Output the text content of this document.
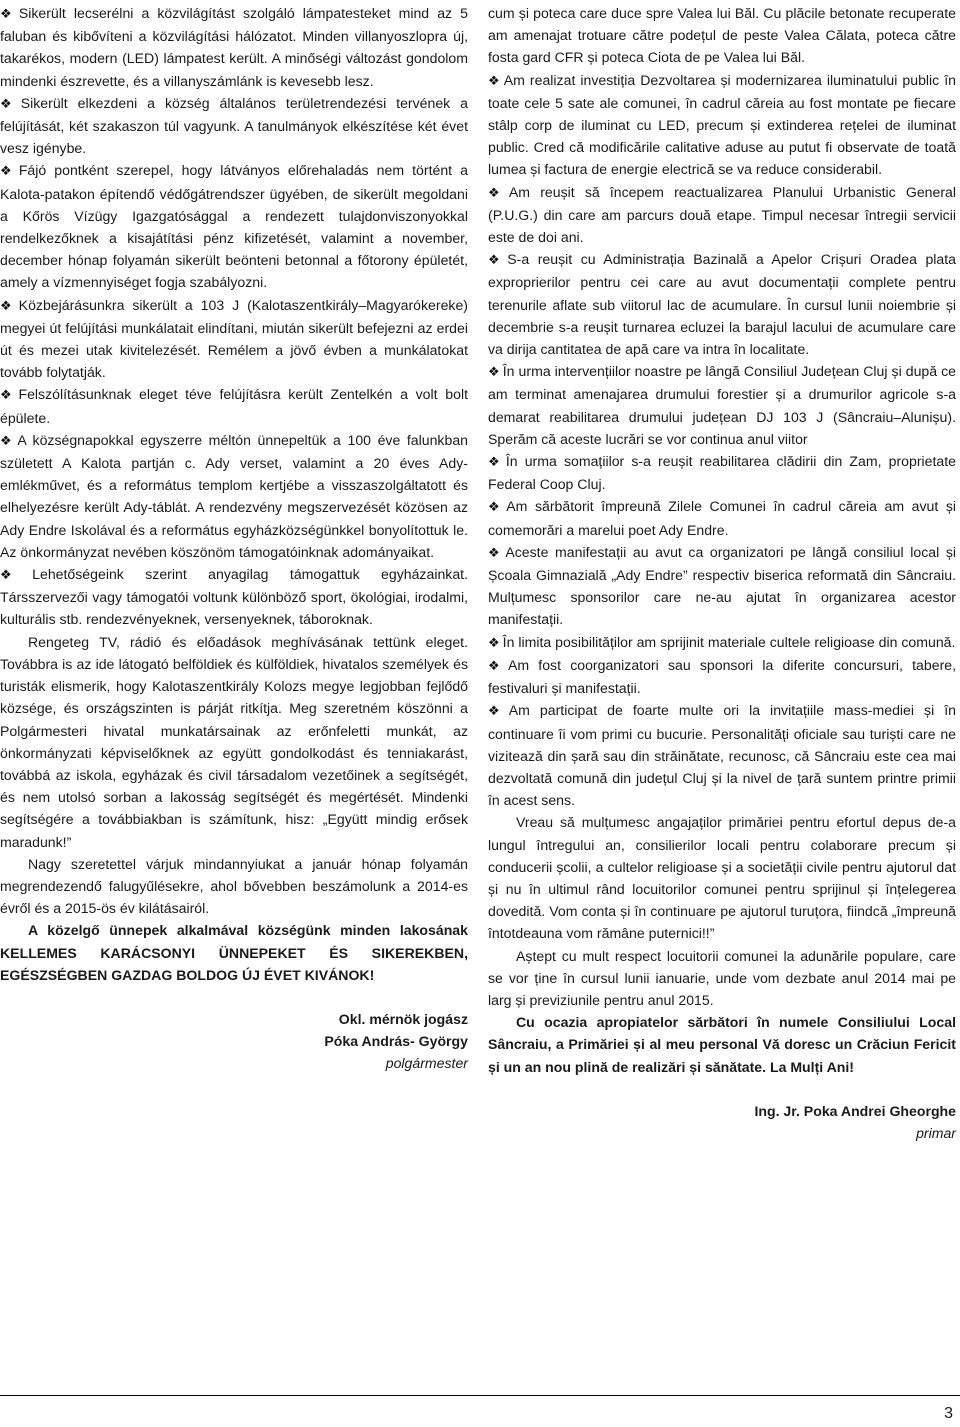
❖ Sikerült lecserélni a közvilágítást szolgáló lámpatesteket mind az 5 faluban és kibővíteni a közvilágítási hálózatot. Minden villanyoszlopra új, takarékos, modern (LED) lámpatest került. A minőségi változást gondolom mindenki észrevette, és a villanyszámlánk is kevesebb lesz.

❖ Sikerült elkezdeni a község általános területrendezési tervének a felújítását, két szakaszon túl vagyunk. A tanulmányok elkészítése két évet vesz igénybe.

❖ Fájó pontként szerepel, hogy látványos előrehaladás nem történt a Kalota-patakon építendő védőgátrendszer ügyében, de sikerült megoldani a Kőrös Vízügy Igazgatósággal a rendezett tulajdonviszonyokkal rendelkezőknek a kisajátítási pénz kifizetését, valamint a november, december hónap folyamán sikerült beönteni betonnal a főtorony épületét, amely a vízmennyiséget fogja szabályozni.

❖ Közbejárásunkra sikerült a 103 J (Kalotaszentkirály–Magyarókereke) megyei út felújítási munkálatait elindítani, miután sikerült befejezni az erdei út és mezei utak kivitelezését. Remélem a jövő évben a munkálatokat tovább folytatják.

❖ Felszólításunknak eleget téve felújításra került Zentelkén a volt bolt épülete.

❖ A községnapokkal egyszerre méltón ünnepeltük a 100 éve falunkban született A Kalota partján c. Ady verset, valamint a 20 éves Ady-emlékművet, és a református templom kertjébe a visszaszolgáltatott és elhelyezésre került Ady-táblát. A rendezvény megszervezését közösen az Ady Endre Iskolával és a református egyházközségünkkel bonyolítottuk le. Az önkormányzat nevében köszönöm támogatóinknak adományaikat.

❖ Lehetőségeink szerint anyagilag támogattuk egyházainkat. Társszervezői vagy támogatói voltunk különböző sport, ökológiai, irodalmi, kulturális stb. rendezvényeknek, versenyeknek, táboroknak.

Rengeteg TV, rádió és előadások meghívásának tettünk eleget. Továbbra is az ide látogató belföldiek és külföldiek, hivatalos személyek és turisták elismerik, hogy Kalotaszentkirály Kolozs megye legjobban fejlődő községe, és országszinten is párját ritkítja. Meg szeretném köszönni a Polgármesteri hivatal munkatársainak az erőnfeletti munkát, az önkormányzati képviselőknek az együtt gondolkodást és tenniakarást, továbbá az iskola, egyházak és civil társadalom vezetőinek a segítségét, és nem utolsó sorban a lakosság segítségét és megértését. Mindenki segítségére a továbbiakban is számítunk, hisz: „Együtt mindig erősek maradunk!”

Nagy szeretettel várjuk mindannyiukat a január hónap folyamán megrendezendő falugyűlésekre, ahol bővebben beszámolunk a 2014-es évről és a 2015-ös év kilátásairól.

A közelgő ünnepek alkalmával községünk minden lakosának KELLEMES KARÁCSONYI ÜNNEPEKET ÉS SIKEREKBEN, EGÉSZSÉGBEN GAZDAG BOLDOG ÚJ ÉVET KIVÁNOK!

Okl. mérnök jogász

Póka András- György

polgármester

cum și poteca care duce spre Valea lui Băl. Cu plăcile betonate recuperate am amenajat trotuare către podețul de peste Valea Călata, poteca către fosta gard CFR și poteca Ciota de pe Valea lui Băl.

❖ Am realizat investiția Dezvoltarea și modernizarea iluminatului public în toate cele 5 sate ale comunei, în cadrul căreia au fost montate pe fiecare stâlp corp de iluminat cu LED, precum și extinderea rețelei de iluminat public. Cred că modificările calitative aduse au putut fi observate de toată lumea și factura de energie electrică se va reduce considerabil.

❖ Am reușit să începem reactualizarea Planului Urbanistic General (P.U.G.) din care am parcurs două etape. Timpul necesar întregii servicii este de doi ani.

❖ S-a reușit cu Administrația Bazinală a Apelor Crișuri Oradea plata exproprierilor pentru cei care au avut documentații complete pentru terenurile aflate sub viitorul lac de acumulare. În cursul lunii noiembrie și decembrie s-a reușit turnarea ecluzei la barajul lacului de acumulare care va dirija cantitatea de apă care va intra în localitate.

❖ În urma intervențiilor noastre pe lângă Consiliul Județean Cluj și după ce am terminat amenajarea drumului forestier și a drumurilor agricole s-a demarat reabilitarea drumului județean DJ 103 J (Sâncraiu–Alunișu). Sperăm că aceste lucrări se vor continua anul viitor

❖ În urma somațiilor s-a reușit reabilitarea clădirii din Zam, proprietate Federal Coop Cluj.

❖ Am sărbătorit împreună Zilele Comunei în cadrul căreia am avut și comemorări a marelui poet Ady Endre.

❖ Aceste manifestații au avut ca organizatori pe lângă consiliul local și Școala Gimnazială „Ady Endre” respectiv biserica reformată din Sâncraiu. Mulțumesc sponsorilor care ne-au ajutat în organizarea acestor manifestații.

❖ În limita posibilităților am sprijinit materiale cultele religioase din comună.

❖ Am fost coorganizatori sau sponsori la diferite concursuri, tabere, festivaluri și manifestații.

❖ Am participat de foarte multe ori la invitațiile mass-mediei și în continuare îi vom primi cu bucurie. Personalități oficiale sau turiști care ne vizitează din șară sau din străinătate, recunosc, că Sâncraiu este cea mai dezvoltată comună din județul Cluj și la nivel de țară suntem printre primii în acest sens.

Vreau să mulțumesc angajaților primăriei pentru efortul depus de-a lungul întregului an, consilierilor locali pentru colaborare precum și conducerii școlii, a cultelor religioase și a societății civile pentru ajutorul dat și nu în ultimul rând locuitorilor comunei pentru sprijinul și înțelegerea dovedită. Vom conta și în continuare pe ajutorul turuțora, fiindcă „împreună întotdeauna vom rămâne puternici!!”

Aștept cu mult respect locuitorii comunei la adunările populare, care se vor ține în cursul lunii ianuarie, unde vom dezbate anul 2014 mai pe larg și previziunile pentru anul 2015.

Cu ocazia apropiatelor sărbători în numele Consiliului Local Sâncraiu, a Primăriei și al meu personal Vă doresc un Crăciun Fericit și un an nou plină de realizări și sănătate. La Mulți Ani!

Ing. Jr. Poka Andrei Gheorghe

primar

3
